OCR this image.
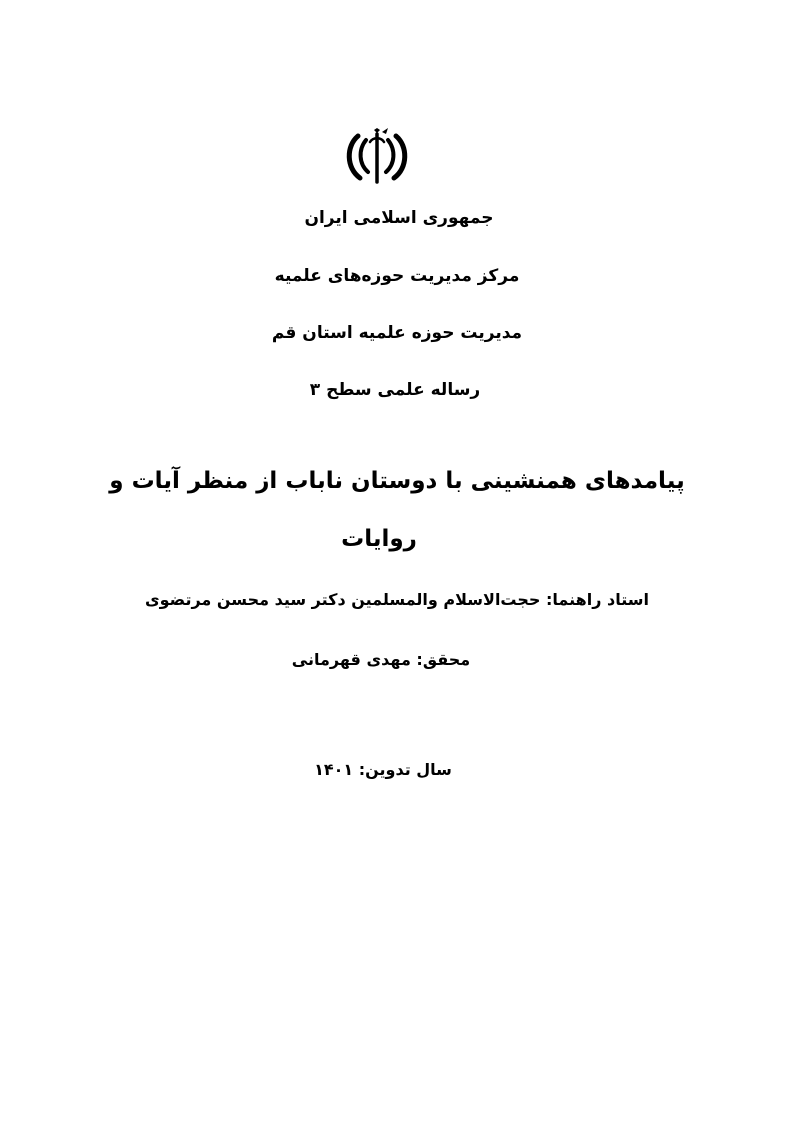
جمهوری اسلامی ایران

مرکز مدیریت حوزه‌های علمیه

مدیریت حوزه علمیه استان قم

رساله علمی سطح ۳

پیامدهای همنشینی با دوستان ناباب از منظر آیات و

روایات

استاد راهنما: حجت‌الاسلام والمسلمین دکتر سید محسن مرتضوی

محقق: مهدی قهرمانی

سال تدوین: ۱۴۰۱
